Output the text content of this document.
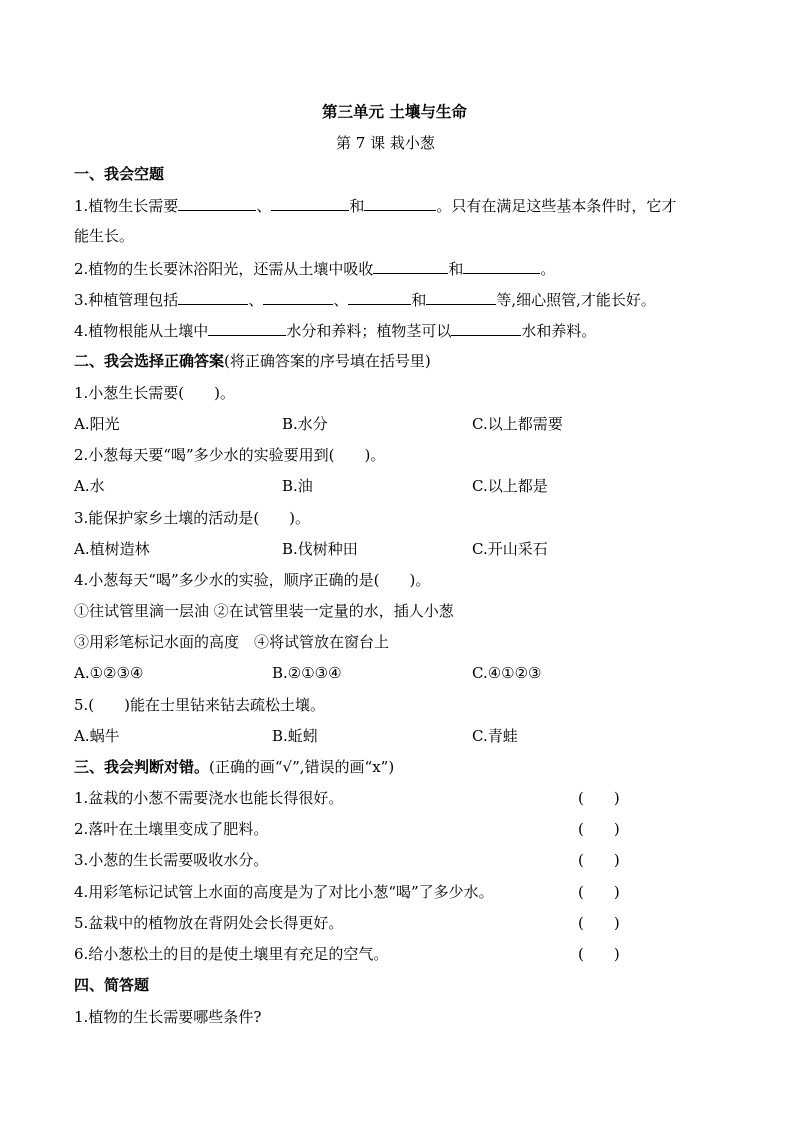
第三单元 土壤与生命
第 7 课 栽小葱
一、我会空题
1.植物生长需要	、	和	。只有在满足这些基本条件时，它才
能生长。
2.植物的生长要沐浴阳光，还需从土壤中吸收	和	。
3.种植管理包括	、	、	和	等,细心照管,才能长好。
4.植物根能从土壤中	水分和养料；植物茎可以	水和养料。
二、我会选择正确答案(将正确答案的序号填在括号里)
1.小葱生长需要(　　)。
A.阳光	B.水分	C.以上都需要
2.小葱每天要“喝”多少水的实验要用到(　　)。
A.水	B.油	C.以上都是
3.能保护家乡土壤的活动是(　　)。
A.植树造林	B.伐树种田	C.开山采石
4.小葱每天“喝”多少水的实验，顺序正确的是(　　)。
①往试管里滴一层油 ②在试管里装一定量的水，插人小葱
③用彩笔标记水面的高度　④将试管放在窗台上
A.①②③④	B.②①③④	C.④①②③
5.(　　)能在士里钻来钻去疏松土壤。
A.蜗牛	B.蚯蚓	C.青蛙
三、我会判断对错。(正确的画“√”,错误的画“x”)
1.盆栽的小葱不需要浇水也能长得很好。	(　　)
2.落叶在土壤里变成了肥料。	(　　)
3.小葱的生长需要吸收水分。	(　　)
4.用彩笔标记试管上水面的高度是为了对比小葱“喝”了多少水。	(　　)
5.盆栽中的植物放在背阴处会长得更好。	(　　)
6.给小葱松土的目的是使土壤里有充足的空气。	(　　)
四、简答题
1.植物的生长需要哪些条件?
